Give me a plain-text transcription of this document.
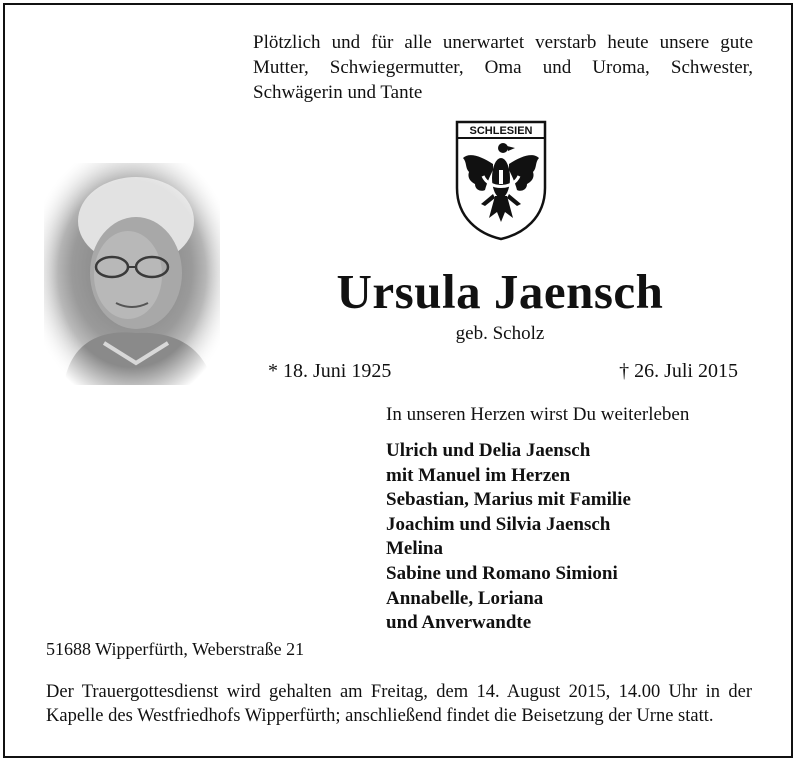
Plötzlich und für alle unerwartet verstarb heute unsere gute Mutter, Schwiegermutter, Oma und Uroma, Schwester, Schwägerin und Tante
SCHLESIEN
Ursula Jaensch
geb. Scholz
* 18. Juni 1925	† 26. Juli 2015
In unseren Herzen wirst Du weiterleben
Ulrich und Delia Jaensch
mit Manuel im Herzen
Sebastian, Marius mit Familie
Joachim und Silvia Jaensch
Melina
Sabine und Romano Simioni
Annabelle, Loriana
und Anverwandte
51688 Wipperfürth, Weberstraße 21
Der Trauergottesdienst wird gehalten am Freitag, dem 14. August 2015, 14.00 Uhr in der Kapelle des Westfriedhofs Wipperfürth; anschließend findet die Beisetzung der Urne statt.
